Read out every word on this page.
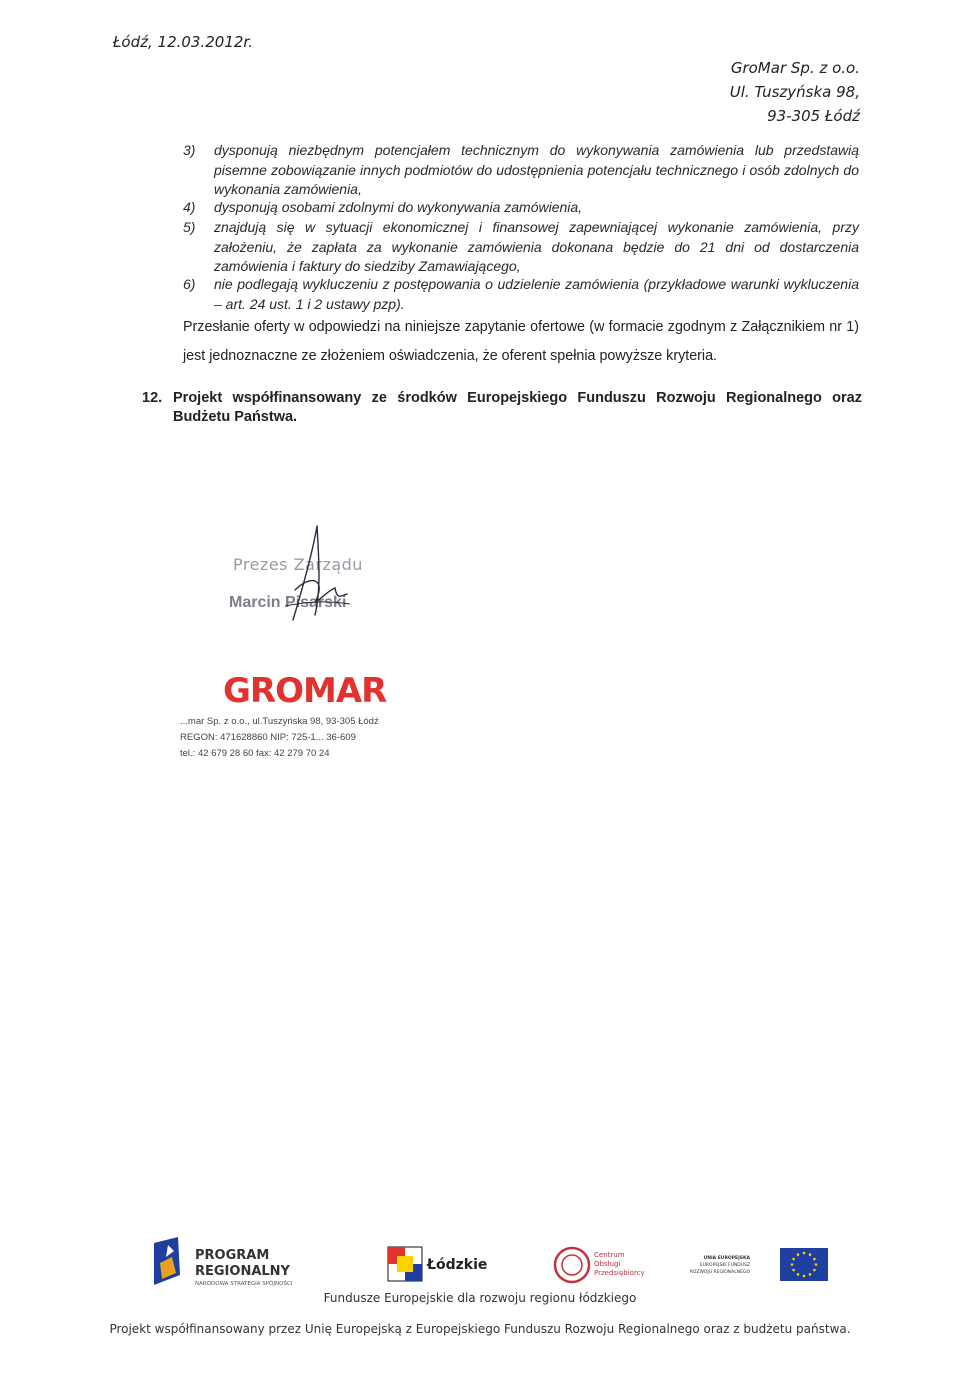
Łódź, 12.03.2012r.
GroMar Sp. z o.o.
Ul. Tuszyńska 98,
93-305 Łódź
3) dysponują niezbędnym potencjałem technicznym do wykonywania zamówienia lub przedstawią pisemne zobowiązanie innych podmiotów do udostępnienia potencjału technicznego i osób zdolnych do wykonania zamówienia,
4) dysponują osobami zdolnymi do wykonywania zamówienia,
5) znajdują się w sytuacji ekonomicznej i finansowej zapewniającej wykonanie zamówienia, przy założeniu, że zapłata za wykonanie zamówienia dokonana będzie do 21 dni od dostarczenia zamówienia i faktury do siedziby Zamawiającego,
6) nie podlegają wykluczeniu z postępowania o udzielenie zamówienia (przykładowe warunki wykluczenia – art. 24 ust. 1 i 2 ustawy pzp).
Przesłanie oferty w odpowiedzi na niniejsze zapytanie ofertowe (w formacie zgodnym z Załącznikiem nr 1) jest jednoznaczne ze złożeniem oświadczenia, że oferent spełnia powyższe kryteria.
12. Projekt współfinansowany ze środków Europejskiego Funduszu Rozwoju Regionalnego oraz Budżetu Państwa.
Prezes Zarządu
Marcin Pisarski
GROMAR
...mar Sp. z o.o., ul.Tuszyńska 98, 93-305 Łódź
REGON: 471628860 NIP: 725-1... 36-609
tel.: 42 679 28 60 fax: 42 279 70 24
PROGRAM
REGIONALNY
NARODOWA STRATEGIA SPÓJNOŚCI
Łódzkie
Centrum
Obsługi
Przedsiębiorcy
UNIA EUROPEJSKA
EUROPEJSKI FUNDUSZ
ROZWOJU REGIONALNEGO
Fundusze Europejskie dla rozwoju regionu łódzkiego
Projekt współfinansowany przez Unię Europejską z Europejskiego Funduszu Rozwoju Regionalnego oraz z budżetu państwa.
